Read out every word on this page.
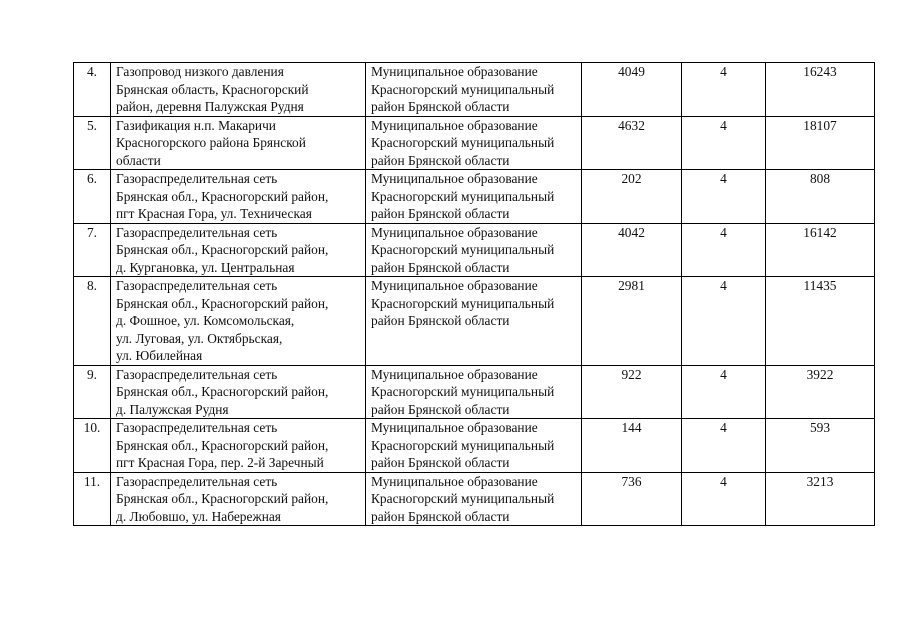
4.	Газопровод низкого давления
Брянская область, Красногорский
район, деревня Палужская Рудня	Муниципальное образование
Красногорский муниципальный
район Брянской области	4049	4	16243
5.	Газификация н.п. Макаричи
Красногорского района Брянской
области	Муниципальное образование
Красногорский муниципальный
район Брянской области	4632	4	18107
6.	Газораспределительная сеть
Брянская обл., Красногорский район,
пгт Красная Гора, ул. Техническая	Муниципальное образование
Красногорский муниципальный
район Брянской области	202	4	808
7.	Газораспределительная сеть
Брянская обл., Красногорский район,
д. Кургановка, ул. Центральная	Муниципальное образование
Красногорский муниципальный
район Брянской области	4042	4	16142
8.	Газораспределительная сеть
Брянская обл., Красногорский район,
д. Фошное, ул. Комсомольская,
ул. Луговая, ул. Октябрьская,
ул. Юбилейная	Муниципальное образование
Красногорский муниципальный
район Брянской области	2981	4	11435
9.	Газораспределительная сеть
Брянская обл., Красногорский район,
д. Палужская Рудня	Муниципальное образование
Красногорский муниципальный
район Брянской области	922	4	3922
10.	Газораспределительная сеть
Брянская обл., Красногорский район,
пгт Красная Гора, пер. 2-й Заречный	Муниципальное образование
Красногорский муниципальный
район Брянской области	144	4	593
11.	Газораспределительная сеть
Брянская обл., Красногорский район,
д. Любовшо, ул. Набережная	Муниципальное образование
Красногорский муниципальный
район Брянской области	736	4	3213
